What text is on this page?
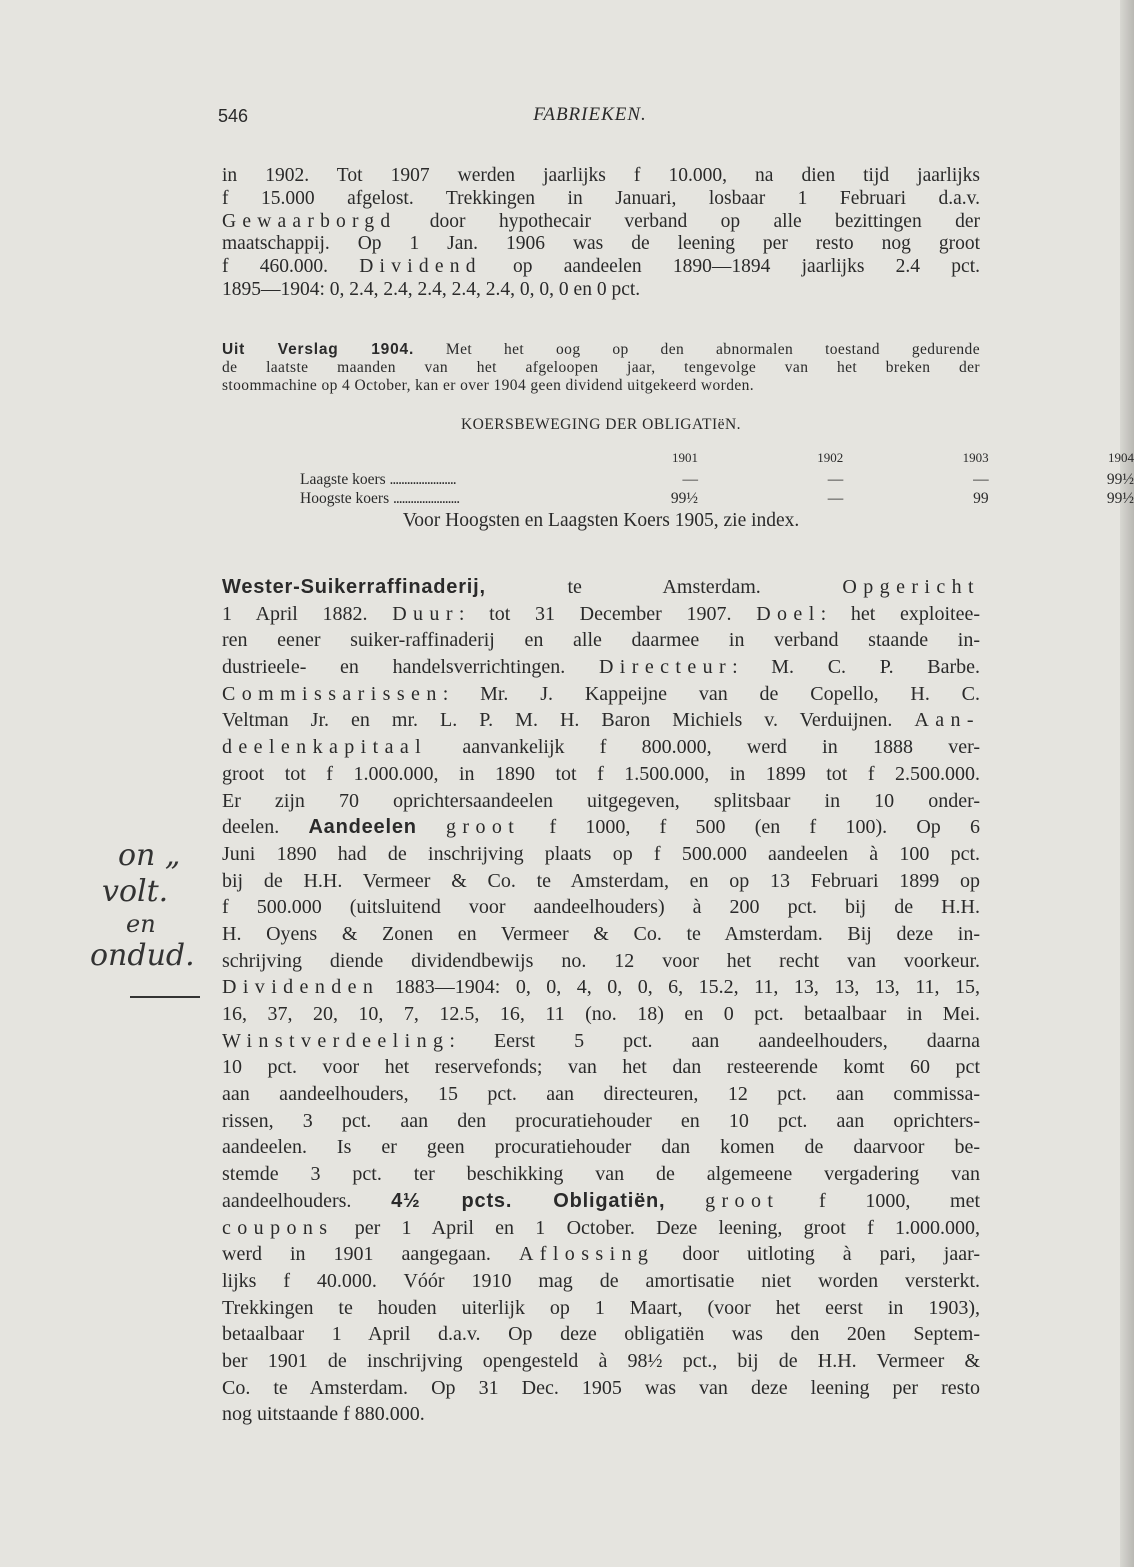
546	FABRIEKEN.
in 1902. Tot 1907 werden jaarlijks f 10.000, na dien tijd jaarlijks
f 15.000 afgelost. Trekkingen in Januari, losbaar 1 Februari d.a.v.
Gewaarborgd door hypothecair verband op alle bezittingen der
maatschappij. Op 1 Jan. 1906 was de leening per resto nog groot
f 460.000. Dividend op aandeelen 1890—1894 jaarlijks 2.4 pct.
1895—1904: 0, 2.4, 2.4, 2.4, 2.4, 2.4, 0, 0, 0 en 0 pct.
Uit Verslag 1904. Met het oog op den abnormalen toestand gedurende
de laatste maanden van het afgeloopen jaar, tengevolge van het breken der
stoommachine op 4 October, kan er over 1904 geen dividend uitgekeerd worden.
KOERSBEWEGING DER OBLIGATIëN.
	1901	1902	1903	1904
Laagste koers .......................	—	—	—	99½
Hoogste koers .......................	99½	—	99	99½
Voor Hoogsten en Laagsten Koers 1905, zie index.
Wester-Suikerraffinaderij, te Amsterdam. Opgericht
1 April 1882. Duur: tot 31 December 1907. Doel: het exploitee-
ren eener suiker-raffinaderij en alle daarmee in verband staande in-
dustrieele- en handelsverrichtingen. Directeur: M. C. P. Barbe.
Commissarissen: Mr. J. Kappeijne van de Copello, H. C.
Veltman Jr. en mr. L. P. M. H. Baron Michiels v. Verduijnen. Aan-
deelenkapitaal aanvankelijk f 800.000, werd in 1888 ver-
groot tot f 1.000.000, in 1890 tot f 1.500.000, in 1899 tot f 2.500.000.
Er zijn 70 oprichtersaandeelen uitgegeven, splitsbaar in 10 onder-
deelen. Aandeelen groot f 1000, f 500 (en f 100). Op 6
Juni 1890 had de inschrijving plaats op f 500.000 aandeelen à 100 pct.
bij de H.H. Vermeer & Co. te Amsterdam, en op 13 Februari 1899 op
f 500.000 (uitsluitend voor aandeelhouders) à 200 pct. bij de H.H.
H. Oyens & Zonen en Vermeer & Co. te Amsterdam. Bij deze in-
schrijving diende dividendbewijs no. 12 voor het recht van voorkeur.
Dividenden 1883—1904: 0, 0, 4, 0, 0, 6, 15.2, 11, 13, 13, 13, 11, 15,
16, 37, 20, 10, 7, 12.5, 16, 11 (no. 18) en 0 pct. betaalbaar in Mei.
Winstverdeeling: Eerst 5 pct. aan aandeelhouders, daarna
10 pct. voor het reservefonds; van het dan resteerende komt 60 pct
aan aandeelhouders, 15 pct. aan directeuren, 12 pct. aan commissa-
rissen, 3 pct. aan den procuratiehouder en 10 pct. aan oprichters-
aandeelen. Is er geen procuratiehouder dan komen de daarvoor be-
stemde 3 pct. ter beschikking van de algemeene vergadering van
aandeelhouders. 4½ pcts. Obligatiën, groot f 1000, met
coupons per 1 April en 1 October. Deze leening, groot f 1.000.000,
werd in 1901 aangegaan. Aflossing door uitloting à pari, jaar-
lijks f 40.000. Vóór 1910 mag de amortisatie niet worden versterkt.
Trekkingen te houden uiterlijk op 1 Maart, (voor het eerst in 1903),
betaalbaar 1 April d.a.v. Op deze obligatiën was den 20en Septem-
ber 1901 de inschrijving opengesteld à 98½ pct., bij de H.H. Vermeer &
Co. te Amsterdam. Op 31 Dec. 1905 was van deze leening per resto
nog uitstaande f 880.000.
on „
volt.
en
ondud.
